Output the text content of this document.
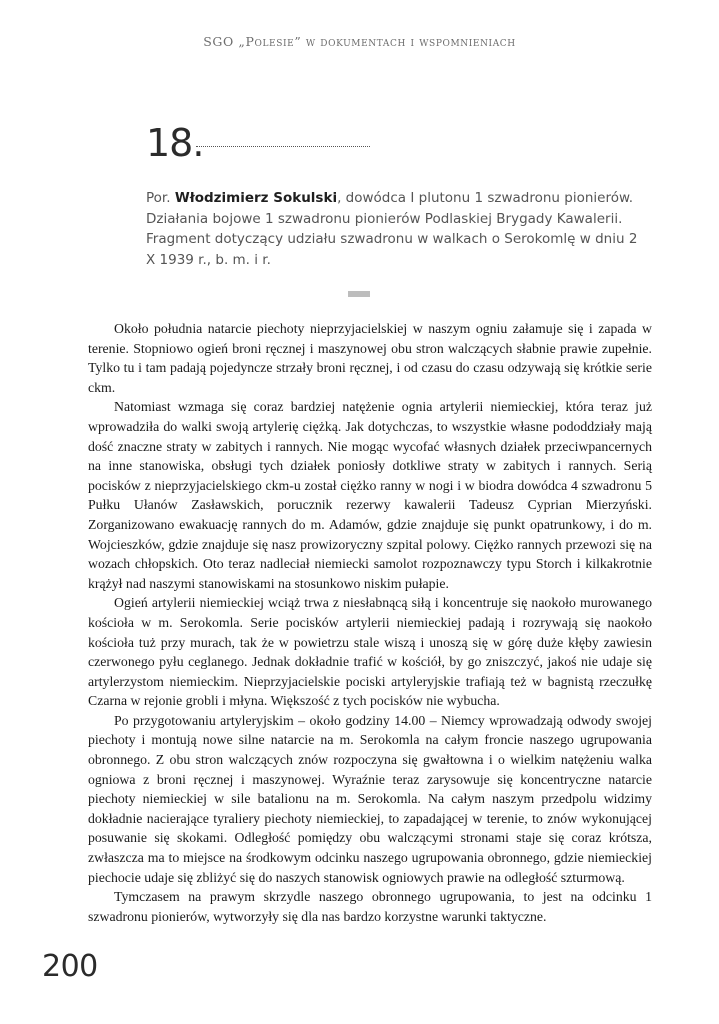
SGO „Polesie” w dokumentach i wspomnieniach

18.

Por. Włodzimierz Sokulski, dowódca I plutonu 1 szwadronu pionierów. Działania bojowe 1 szwadronu pionierów Podlaskiej Brygady Kawalerii. Fragment dotyczący udziału szwadronu w walkach o Serokomlę w dniu 2 X 1939 r., b. m. i r.

Około południa natarcie piechoty nieprzyjacielskiej w naszym ogniu załamuje się i zapada w terenie. Stopniowo ogień broni ręcznej i maszynowej obu stron walczących słabnie prawie zupełnie. Tylko tu i tam padają pojedyncze strzały broni ręcznej, i od czasu do czasu odzywają się krótkie serie ckm.

Natomiast wzmaga się coraz bardziej natężenie ognia artylerii niemieckiej, która teraz już wprowadziła do walki swoją artylerię ciężką. Jak dotychczas, to wszystkie własne pododdziały mają dość znaczne straty w zabitych i rannych. Nie mogąc wycofać własnych działek przeciwpancernych na inne stanowiska, obsługi tych działek poniosły dotkliwe straty w zabitych i rannych. Serią pocisków z nieprzyjacielskiego ckm-u został ciężko ranny w nogi i w biodra dowódca 4 szwadronu 5 Pułku Ułanów Zasławskich, porucznik rezerwy kawalerii Tadeusz Cyprian Mierzyński. Zorganizowano ewakuację rannych do m. Adamów, gdzie znajduje się punkt opatrunkowy, i do m. Wojcieszków, gdzie znajduje się nasz prowizoryczny szpital polowy. Ciężko rannych przewozi się na wozach chłopskich. Oto teraz nadleciał niemiecki samolot rozpoznawczy typu Storch i kilkakrotnie krążył nad naszymi stanowiskami na stosunkowo niskim pułapie.

Ogień artylerii niemieckiej wciąż trwa z niesłabnącą siłą i koncentruje się naokoło murowanego kościoła w m. Serokomla. Serie pocisków artylerii niemieckiej padają i rozrywają się naokoło kościoła tuż przy murach, tak że w powietrzu stale wiszą i unoszą się w górę duże kłęby zawiesin czerwonego pyłu ceglanego. Jednak dokładnie trafić w kościół, by go zniszczyć, jakoś nie udaje się artylerzystom niemieckim. Nieprzyjacielskie pociski artyleryjskie trafiają też w bagnistą rzeczułkę Czarna w rejonie grobli i młyna. Większość z tych pocisków nie wybucha.

Po przygotowaniu artyleryjskim – około godziny 14.00 – Niemcy wprowadzają odwody swojej piechoty i montują nowe silne natarcie na m. Serokomla na całym froncie naszego ugrupowania obronnego. Z obu stron walczących znów rozpoczyna się gwałtowna i o wielkim natężeniu walka ogniowa z broni ręcznej i maszynowej. Wyraźnie teraz zarysowuje się koncentryczne natarcie piechoty niemieckiej w sile batalionu na m. Serokomla. Na całym naszym przedpolu widzimy dokładnie nacierające tyraliery piechoty niemieckiej, to zapadającej w terenie, to znów wykonującej posuwanie się skokami. Odległość pomiędzy obu walczącymi stronami staje się coraz krótsza, zwłaszcza ma to miejsce na środkowym odcinku naszego ugrupowania obronnego, gdzie niemieckiej piechocie udaje się zbliżyć się do naszych stanowisk ogniowych prawie na odległość szturmową.

Tymczasem na prawym skrzydle naszego obronnego ugrupowania, to jest na odcinku 1 szwadronu pionierów, wytworzyły się dla nas bardzo korzystne warunki taktyczne.

200
